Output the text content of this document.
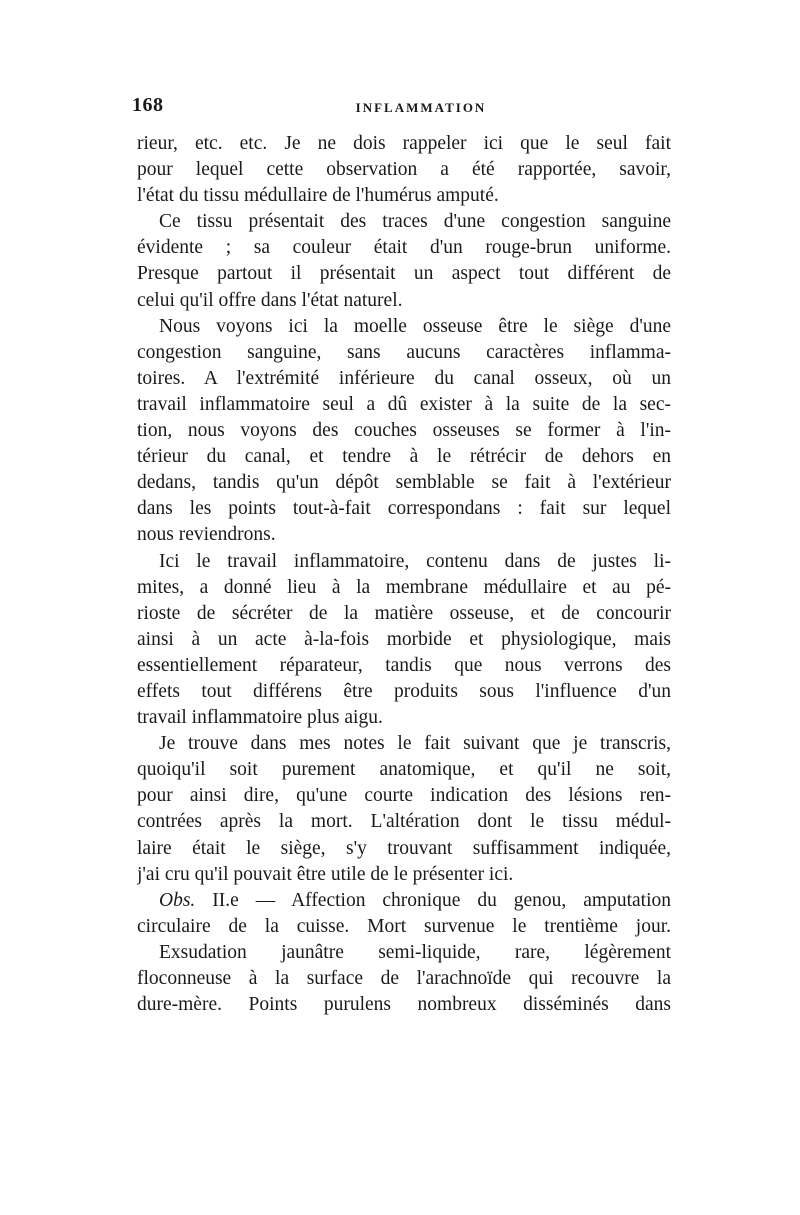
168	INFLAMMATION
rieur, etc. etc. Je ne dois rappeler ici que le seul fait
pour lequel cette observation a été rapportée, savoir,
l'état du tissu médullaire de l'humérus amputé.
Ce tissu présentait des traces d'une congestion sanguine
évidente ; sa couleur était d'un rouge-brun uniforme.
Presque partout il présentait un aspect tout différent de
celui qu'il offre dans l'état naturel.
Nous voyons ici la moelle osseuse être le siège d'une
congestion sanguine, sans aucuns caractères inflamma-
toires. A l'extrémité inférieure du canal osseux, où un
travail inflammatoire seul a dû exister à la suite de la sec-
tion, nous voyons des couches osseuses se former à l'in-
térieur du canal, et tendre à le rétrécir de dehors en
dedans, tandis qu'un dépôt semblable se fait à l'extérieur
dans les points tout-à-fait correspondans : fait sur lequel
nous reviendrons.
Ici le travail inflammatoire, contenu dans de justes li-
mites, a donné lieu à la membrane médullaire et au pé-
rioste de sécréter de la matière osseuse, et de concourir
ainsi à un acte à-la-fois morbide et physiologique, mais
essentiellement réparateur, tandis que nous verrons des
effets tout différens être produits sous l'influence d'un
travail inflammatoire plus aigu.
Je trouve dans mes notes le fait suivant que je transcris,
quoiqu'il soit purement anatomique, et qu'il ne soit,
pour ainsi dire, qu'une courte indication des lésions ren-
contrées après la mort. L'altération dont le tissu médul-
laire était le siège, s'y trouvant suffisamment indiquée,
j'ai cru qu'il pouvait être utile de le présenter ici.
Obs. II.e — Affection chronique du genou, amputation
circulaire de la cuisse. Mort survenue le trentième jour.
Exsudation jaunâtre semi-liquide, rare, légèrement
floconneuse à la surface de l'arachnoïde qui recouvre la
dure-mère. Points purulens nombreux disséminés dans
